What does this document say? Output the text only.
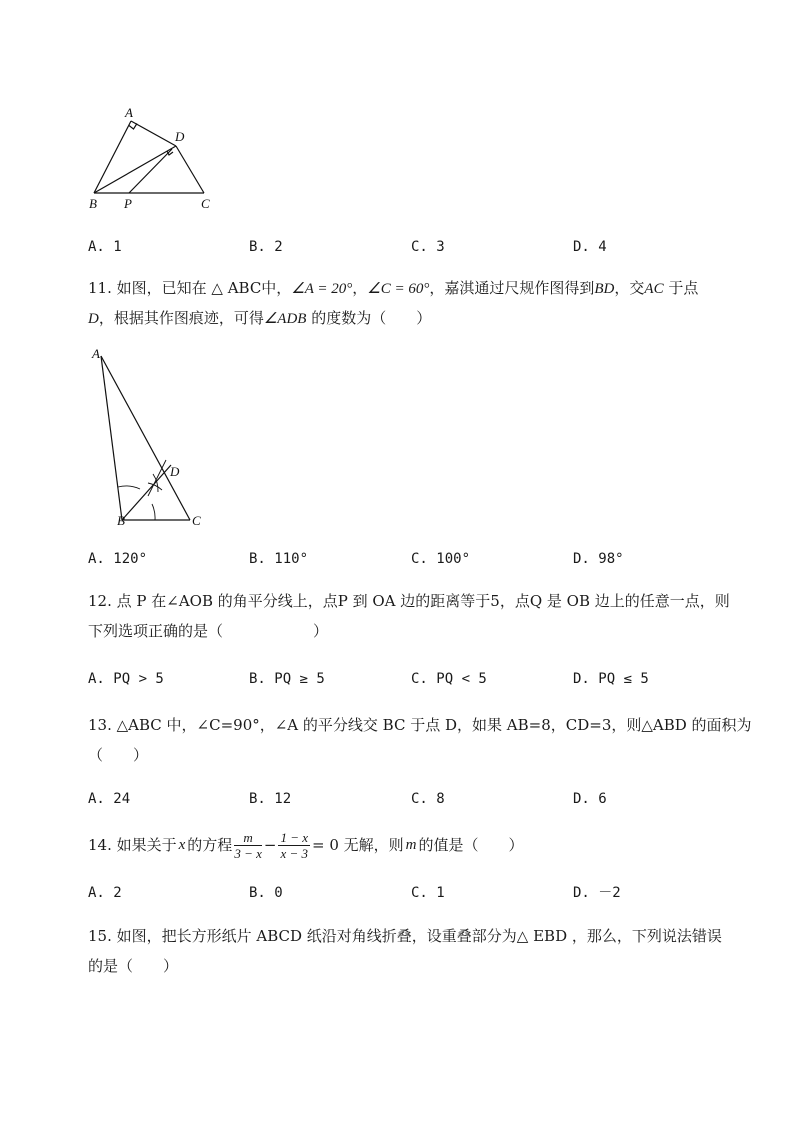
A
D
B P	C
A. 1	B. 2	C. 3	D. 4
11. 如图，已知在 △ ABC中，∠A = 20°，∠C = 60°，嘉淇通过尺规作图得到BD，交AC 于点
D，根据其作图痕迹，可得∠ADB 的度数为（　　）
A
D
B	C
A. 120°	B. 110°	C. 100°	D. 98°
12. 点 P 在∠AOB 的角平分线上，点P 到 OA 边的距离等于5，点Q 是 OB 边上的任意一点，则
下列选项正确的是（　　　　　　）
A. PQ > 5	B. PQ ≥ 5	C. PQ < 5	D. PQ ≤ 5
13. △ABC 中，∠C=90°，∠A 的平分线交 BC 于点 D，如果 AB=8，CD=3，则△ABD 的面积为
（　　）
A. 24	B. 12	C. 8	D. 6
14. 如果关于 x 的方程 $\frac{m}{3 - x} - \frac{1 - x}{x - 3} = 0$ 无解，则 m 的值是（　　）
A. 2	B. 0	C. 1	D. －2
15. 如图，把长方形纸片 ABCD 纸沿对角线折叠，设重叠部分为△ EBD ，那么，下列说法错误
的是（　　）
